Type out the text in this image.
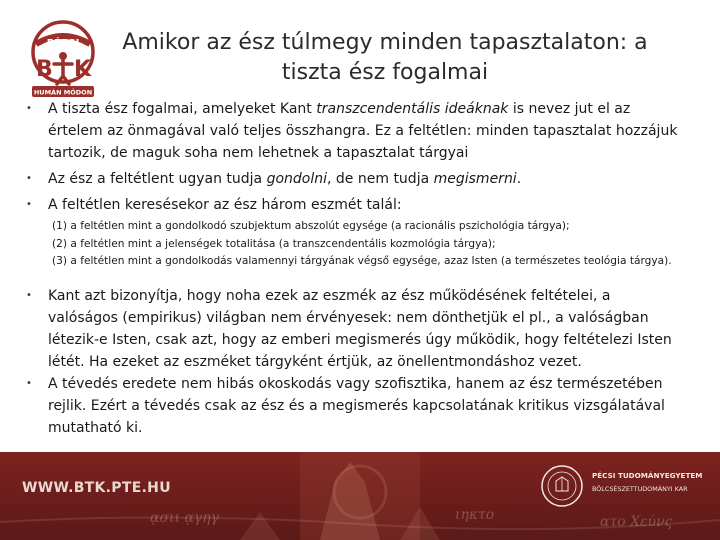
PÉCSI
B K
HUMÁN MÓDON
Amikor az ész túlmegy minden tapasztalaton: a tiszta ész fogalmai
• A tiszta ész fogalmai, amelyeket Kant transzcendentális ideáknak is nevez jut el az értelem az önmagával való teljes összhangra. Ez a feltétlen: minden tapasztalat hozzájuk tartozik, de maguk soha nem lehetnek a tapasztalat tárgyai
• Az ész a feltétlent ugyan tudja gondolni, de nem tudja megismerni.
• A feltétlen keresésekor az ész három eszmét talál:
(1) a feltétlen mint a gondolkodó szubjektum abszolút egysége (a racionális pszichológia tárgya);
(2) a feltétlen mint a jelenségek totalitása (a transzcendentális kozmológia tárgya);
(3) a feltétlen mint a gondolkodás valamennyi tárgyának végső egysége, azaz Isten (a természetes teológia tárgya).
• Kant azt bizonyítja, hogy noha ezek az eszmék az ész működésének feltételei, a valóságos (empirikus) világban nem érvényesek: nem dönthetjük el pl., a valóságban létezik-e Isten, csak azt, hogy az emberi megismerés úgy működik, hogy feltételezi Isten létét. Ha ezeket az eszméket tárgyként értjük, az önellentmondáshoz vezet.
• A tévedés eredete nem hibás okoskodás vagy szofisztika, hanem az ész természetében rejlik. Ezért a tévedés csak az ész és a megismerés kapcsolatának kritikus vizsgálatával mutatható ki.
ᾳσιι ᾳγηγ	ιηκτο	ατο Χεύνς
WWW.BTK.PTE.HU
PÉCSI TUDOMÁNYEGYETEM
BÖLCSÉSZETTUDOMÁNYI KAR
